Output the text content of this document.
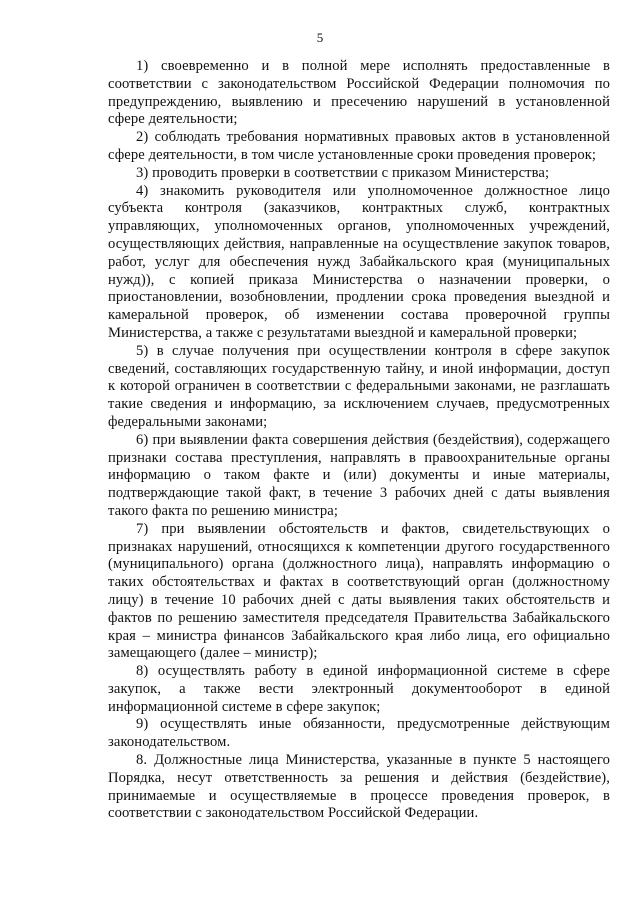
5

1) своевременно и в полной мере исполнять предоставленные в соответствии с законодательством Российской Федерации полномочия по предупреждению, выявлению и пресечению нарушений в установленной сфере деятельности;

2) соблюдать требования нормативных правовых актов в установленной сфере деятельности, в том числе установленные сроки проведения проверок;

3) проводить проверки в соответствии с приказом Министерства;

4) знакомить руководителя или уполномоченное должностное лицо субъекта контроля (заказчиков, контрактных служб, контрактных управляющих, уполномоченных органов, уполномоченных учреждений, осуществляющих действия, направленные на осуществление закупок товаров, работ, услуг для обеспечения нужд Забайкальского края (муниципальных нужд)), с копией приказа Министерства о назначении проверки, о приостановлении, возобновлении, продлении срока проведения выездной и камеральной проверок, об изменении состава проверочной группы Министерства, а также с результатами выездной и камеральной проверки;

5) в случае получения при осуществлении контроля в сфере закупок сведений, составляющих государственную тайну, и иной информации, доступ к которой ограничен в соответствии с федеральными законами, не разглашать такие сведения и информацию, за исключением случаев, предусмотренных федеральными законами;

6) при выявлении факта совершения действия (бездействия), содержащего признаки состава преступления, направлять в правоохранительные органы информацию о таком факте и (или) документы и иные материалы, подтверждающие такой факт, в течение 3 рабочих дней с даты выявления такого факта по решению министра;

7) при выявлении обстоятельств и фактов, свидетельствующих о признаках нарушений, относящихся к компетенции другого государственного (муниципального) органа (должностного лица), направлять информацию о таких обстоятельствах и фактах в соответствующий орган (должностному лицу) в течение 10 рабочих дней с даты выявления таких обстоятельств и фактов по решению заместителя председателя Правительства Забайкальского края – министра финансов Забайкальского края либо лица, его официально замещающего (далее – министр);

8) осуществлять работу в единой информационной системе в сфере закупок, а также вести электронный документооборот в единой информационной системе в сфере закупок;

9) осуществлять иные обязанности, предусмотренные действующим законодательством.

8. Должностные лица Министерства, указанные в пункте 5 настоящего Порядка, несут ответственность за решения и действия (бездействие), принимаемые и осуществляемые в процессе проведения проверок, в соответствии с законодательством Российской Федерации.
